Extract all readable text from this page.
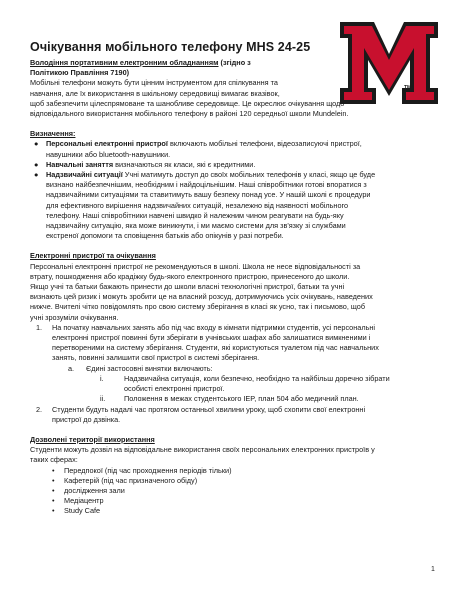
Очікування мобільного телефону MHS 24-25
TM

Володіння портативним електронним обладнанням (згідно з

Політикою Правління 7190)

Мобільні телефони можуть бути цінним інструментом для спілкування та

навчання, але їх використання в шкільному середовищі вимагає вказівок,

щоб забезпечити цілеспрямоване та шанобливе середовище. Це окреслює очікування щодо

відповідального використання мобільного телефону в районі 120 середньої школи Mundelein.

Визначення:

● Персональні електронні пристрої включають мобільні телефони, відеозаписуючі пристрої,
навушники або bluetooth-навушники.
● Навчальні заняття визначаються як класи, які є кредитними.
● Надзвичайні ситуації Учні матимуть доступ до своїх мобільних телефонів у класі, якщо це буде
визнано найбезпечнішим, необхідним і найдоцільнішим. Наші співробітники готові впоратися з
надзвичайними ситуаціями та ставитимуть вашу безпеку понад усе. У нашій школі є процедури
для ефективного вирішення надзвичайних ситуацій, незалежно від наявності мобільного
телефону. Наші співробітники навчені швидко й належним чином реагувати на будь-яку
надзвичайну ситуацію, яка може виникнути, і ми маємо системи для зв'язку зі службами
екстреної допомоги та сповіщення батьків або опікунів у разі потреби.

Електронні пристрої та очікування

Персональні електронні пристрої не рекомендуються в школі. Школа не несе відповідальності за

втрату, пошкодження або крадіжку будь-якого електронного пристрою, принесеного до школи.

Якщо учні та батьки бажають принести до школи власні технологічні пристрої, батьки та учні

визнають цей ризик і можуть зробити це на власний розсуд, дотримуючись усіх очікувань, наведених

нижче. Вчителі чітко повідомлять про свою систему зберігання в класі як усно, так і письмово, щоб

учні зрозуміли очікування.

1. На початку навчальних занять або під час входу в кімнати підтримки студентів, усі персональні
електронні пристрої повинні бути зберігати в учнівських шафах або залишатися вимкненими і
перетвореними на систему зберігання. Студенти, які користуються туалетом під час навчальних
занять, повинні залишити свої пристрої в системі зберігання.
a. Єдині застосовні винятки включають:
i.	Надзвичайна ситуація, коли безпечно, необхідно та найбільш доречно зібрати
особисті електронні пристрої.
ii.	Положення в межах студентського IEP, план 504 або медичний план.
2. Студенти будуть надалі час протягом останньої хвилини уроку, щоб схопити свої електронні
пристрої до дзвінка.

Дозволені території використання

Студенти можуть дозвіл на відповідальне використання своїх персональних електронних пристроїв у

таких сферах:

• Передпокої (під час проходження періодів тільки)
• Кафетерій (під час призначеного обіду)
• дослідження зали
• Медіацентр
• Study Cafe
1
